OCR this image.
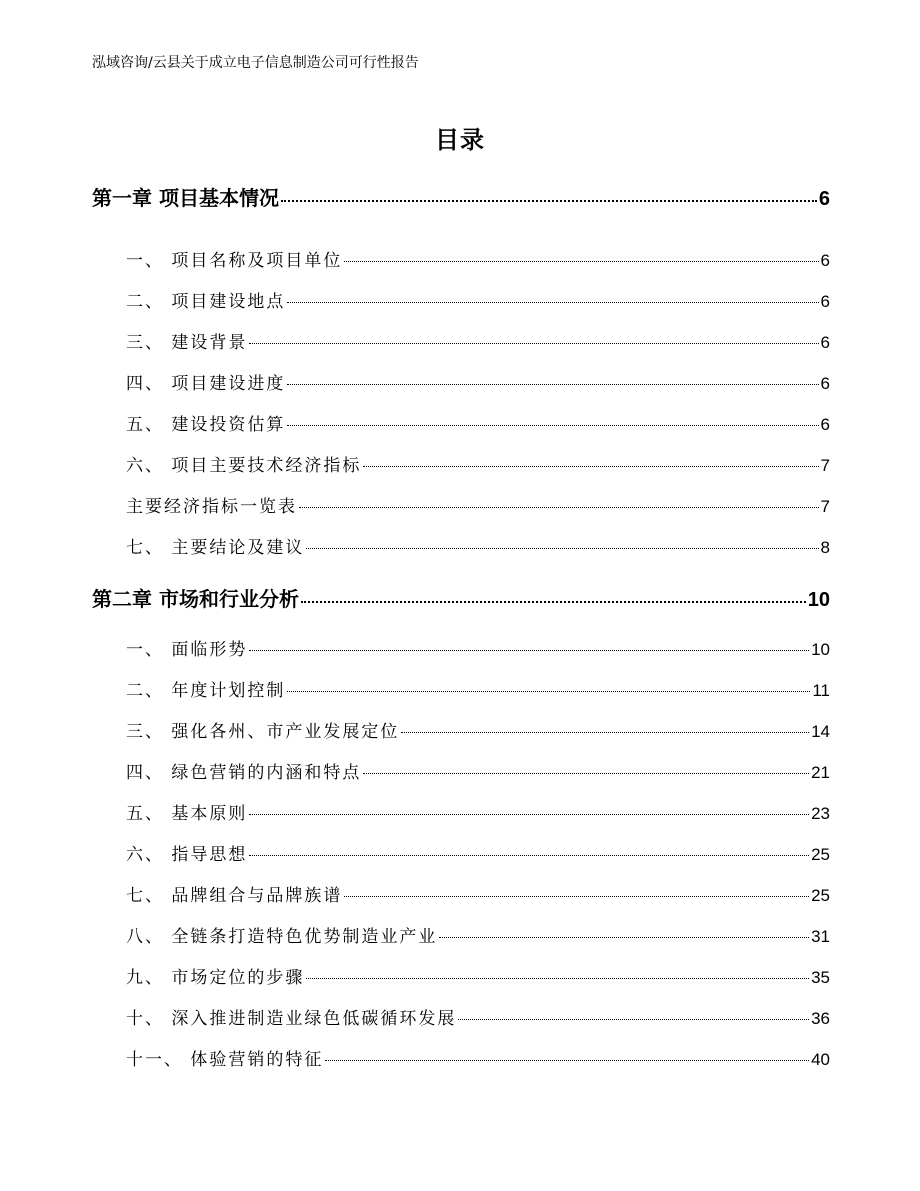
泓域咨询/云县关于成立电子信息制造公司可行性报告
目录
第一章 项目基本情况	6
一、 项目名称及项目单位	6
二、 项目建设地点	6
三、 建设背景	6
四、 项目建设进度	6
五、 建设投资估算	6
六、 项目主要技术经济指标	7
主要经济指标一览表	7
七、 主要结论及建议	8
第二章 市场和行业分析	10
一、 面临形势	10
二、 年度计划控制	11
三、 强化各州、市产业发展定位	14
四、 绿色营销的内涵和特点	21
五、 基本原则	23
六、 指导思想	25
七、 品牌组合与品牌族谱	25
八、 全链条打造特色优势制造业产业	31
九、 市场定位的步骤	35
十、 深入推进制造业绿色低碳循环发展	36
十一、 体验营销的特征	40
